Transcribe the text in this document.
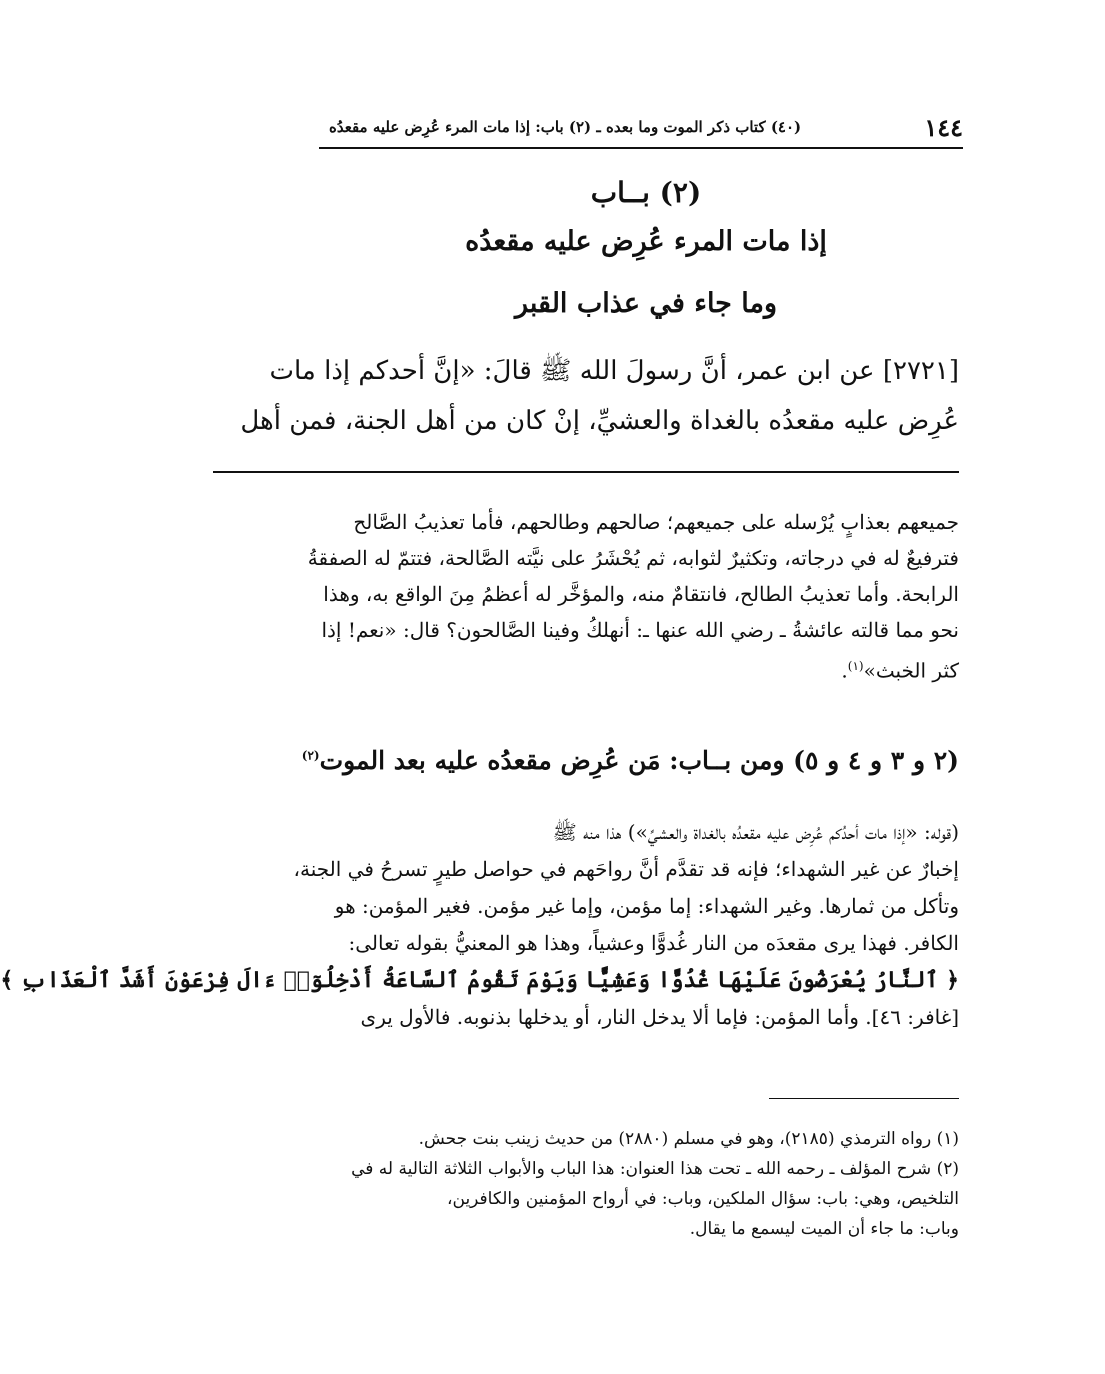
١٤٤
(٤٠) كتاب ذكر الموت وما بعده ـ (٢) باب: إذا مات المرء عُرِض عليه مقعدُه
(٢) بــاب
إذا مات المرء عُرِض عليه مقعدُه
وما جاء في عذاب القبر
[٢٧٢١] عن ابن عمر، أنَّ رسولَ الله ﷺ قالَ: «إنَّ أحدكم إذا مات
عُرِض عليه مقعدُه بالغداة والعشيِّ، إنْ كان من أهل الجنة، فمن أهل
جميعهم بعذابٍ يُرْسله على جميعهم؛ صالحهم وطالحهم، فأما تعذيبُ الصَّالح
فترفيعٌ له في درجاته، وتكثيرٌ لثوابه، ثم يُحْشَرُ على نيَّته الصَّالحة، فتتمّ له الصفقةُ
الرابحة. وأما تعذيبُ الطالح، فانتقامٌ منه، والمؤخَّر له أعظمُ مِنَ الواقع به، وهذا
نحو مما قالته عائشةُ ـ رضي الله عنها ـ: أنهلكُ وفينا الصَّالحون؟ قال: «نعم! إذا
كثر الخبث»$^{(١)}$.
(٢ و ٣ و ٤ و ٥) ومن بــاب: مَن عُرِض مقعدُه عليه بعد الموت$^{(٢)}$
(قوله: «إذا مات أحدُكم عُرِض عليه مقعدُه بالغداة والعشيِّ») هذا منه ﷺ
إخبارٌ عن غير الشهداء؛ فإنه قد تقدَّم أنَّ رواحَهم في حواصل طيرٍ تسرحُ في الجنة،
وتأكل من ثمارها. وغير الشهداء: إما مؤمن، وإما غير مؤمن. فغير المؤمن: هو
الكافر. فهذا يرى مقعدَه من النار غُدوًّا وعشياً، وهذا هو المعنيُّ بقوله تعالى:
﴿ ٱلنَّارُ يُعْرَضُونَ عَلَيْهَا غُدُوًّا وَعَشِيًّا وَيَوْمَ تَقُومُ ٱلسَّاعَةُ أَدْخِلُوٓا۟ ءَالَ فِرْعَوْنَ أَشَدَّ ٱلْعَذَابِ ﴾
[غافر: ٤٦]. وأما المؤمن: فإما ألا يدخل النار، أو يدخلها بذنوبه. فالأول يرى
(١) رواه الترمذي (٢١٨٥)، وهو في مسلم (٢٨٨٠) من حديث زينب بنت جحش.
(٢) شرح المؤلف ـ رحمه الله ـ تحت هذا العنوان: هذا الباب والأبواب الثلاثة التالية له في
التلخيص، وهي: باب: سؤال الملكين، وباب: في أرواح المؤمنين والكافرين،
وباب: ما جاء أن الميت ليسمع ما يقال.
